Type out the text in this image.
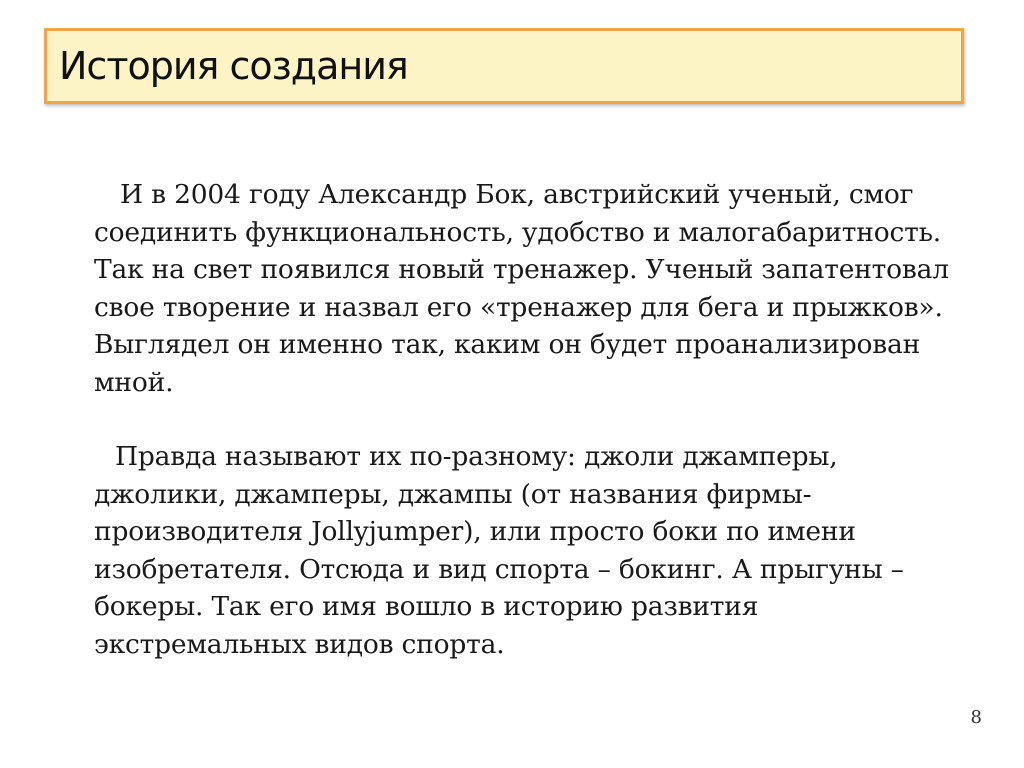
История создания

И в 2004 году Александр Бок, австрийский ученый, смог соединить функциональность, удобство и малогабаритность. Так на свет появился новый тренажер. Ученый запатентовал свое творение и назвал его «тренажер для бега и прыжков». Выглядел он именно так, каким он будет проанализирован мной.

Правда называют их по-разному: джоли джамперы, джолики, джамперы, джампы (от названия фирмы-производителя Jollyjumper), или просто боки по имени изобретателя. Отсюда и вид спорта – бокинг. А прыгуны – бокеры. Так его имя вошло в историю развития экстремальных видов спорта.

8
